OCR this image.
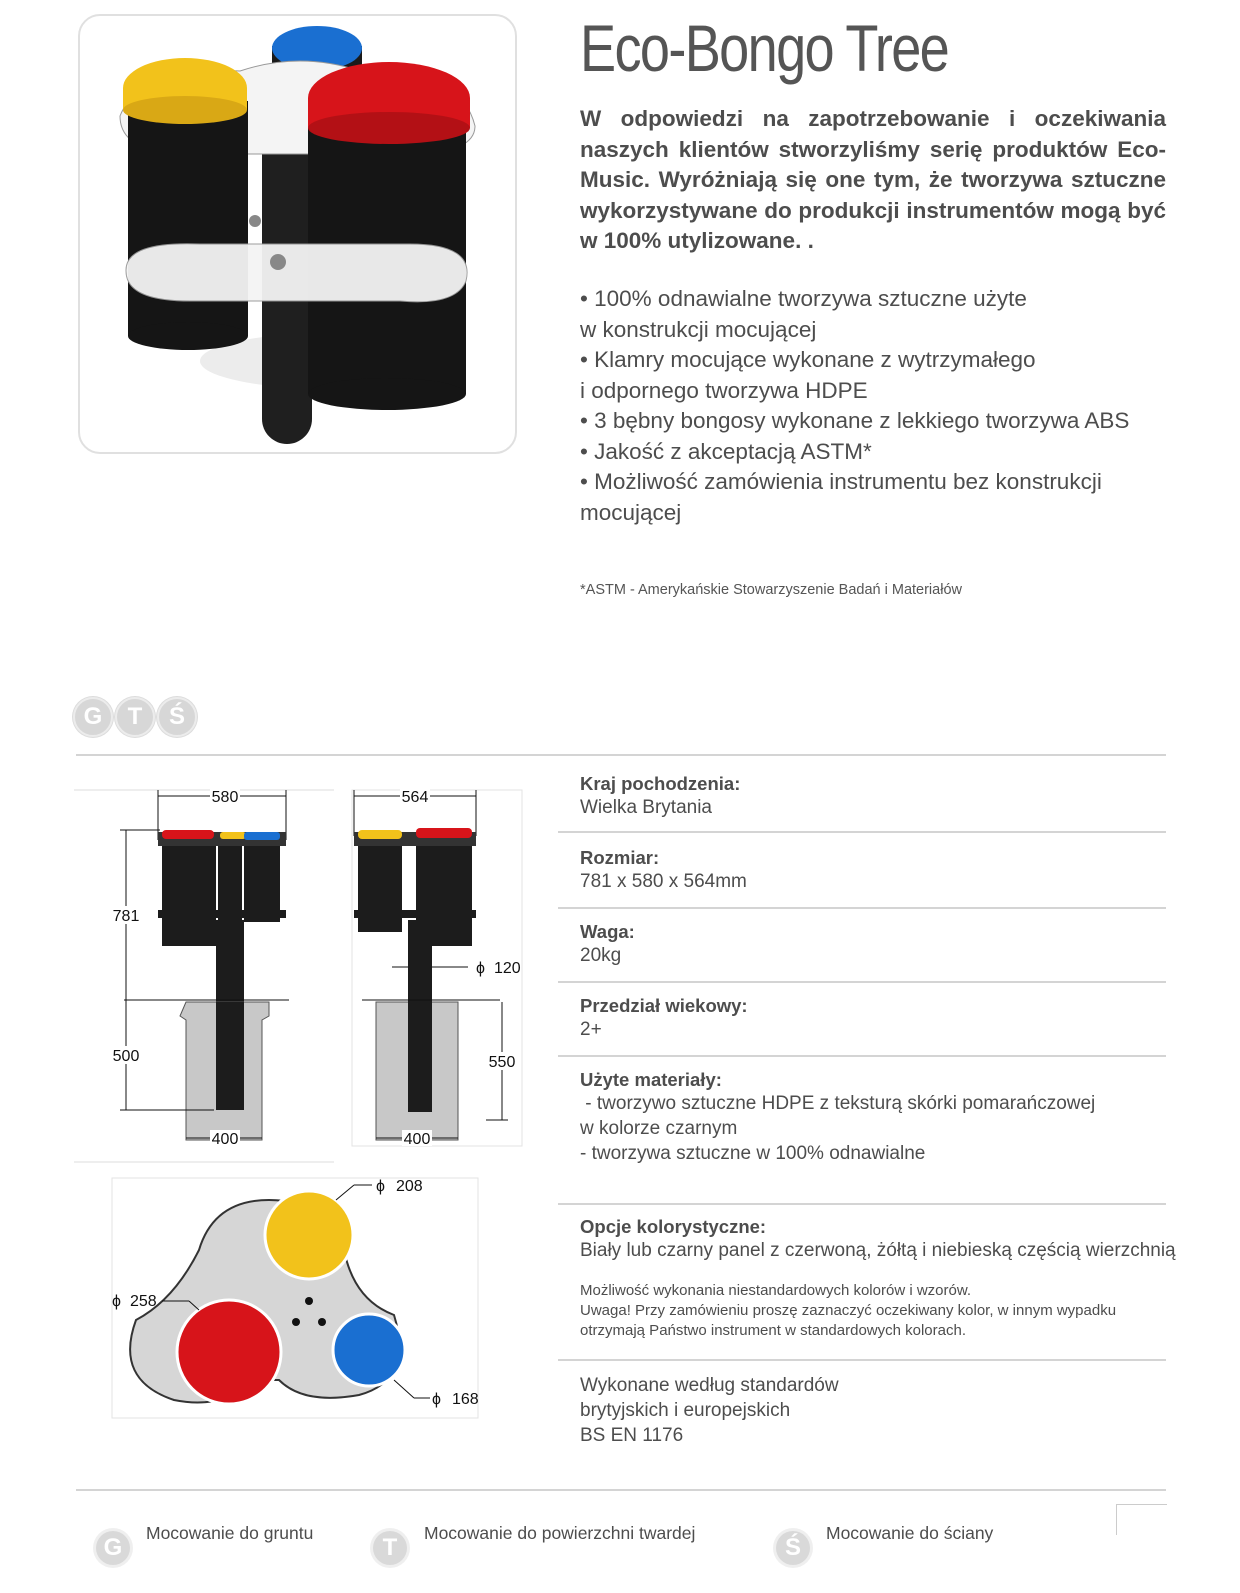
Eco-Bongo Tree
W odpowiedzi na zapotrzebowanie i oczekiwania naszych klientów stworzyliśmy serię produktów Eco-Music. Wyróżniają się one tym, że tworzywa sztuczne wykorzystywane do produkcji instrumentów mogą być w 100% utylizowane. .
• 100% odnawialne tworzywa sztuczne użyte
w konstrukcji mocującej
• Klamry mocujące wykonane z wytrzymałego
i odpornego tworzywa HDPE
• 3 bębny bongosy wykonane z lekkiego tworzywa ABS
• Jakość z akceptacją ASTM*
• Możliwość zamówienia instrumentu bez konstrukcji
mocującej
*ASTM - Amerykańskie Stowarzyszenie Badań i Materiałów
G	T	Ś
580
781
500
400
564
ϕ 120
550
400
ϕ 208
ϕ 258
ϕ 168
Kraj pochodzenia:
Wielka Brytania
Rozmiar:
781 x 580 x 564mm
Waga:
20kg
Przedział wiekowy:
2+
Użyte materiały:
- tworzywo sztuczne HDPE z teksturą skórki pomarańczowej
w kolorze czarnym
- tworzywa sztuczne w 100% odnawialne
Opcje kolorystyczne:
Biały lub czarny panel z czerwoną, żółtą i niebieską częścią wierzchnią
Możliwość wykonania niestandardowych kolorów i wzorów.
Uwaga! Przy zamówieniu proszę zaznaczyć oczekiwany kolor, w innym wypadku
otrzymają Państwo instrument w standardowych kolorach.
Wykonane według standardów
brytyjskich i europejskich
BS EN 1176
G
Mocowanie do gruntu
T
Mocowanie do powierzchni twardej
Ś
Mocowanie do ściany
